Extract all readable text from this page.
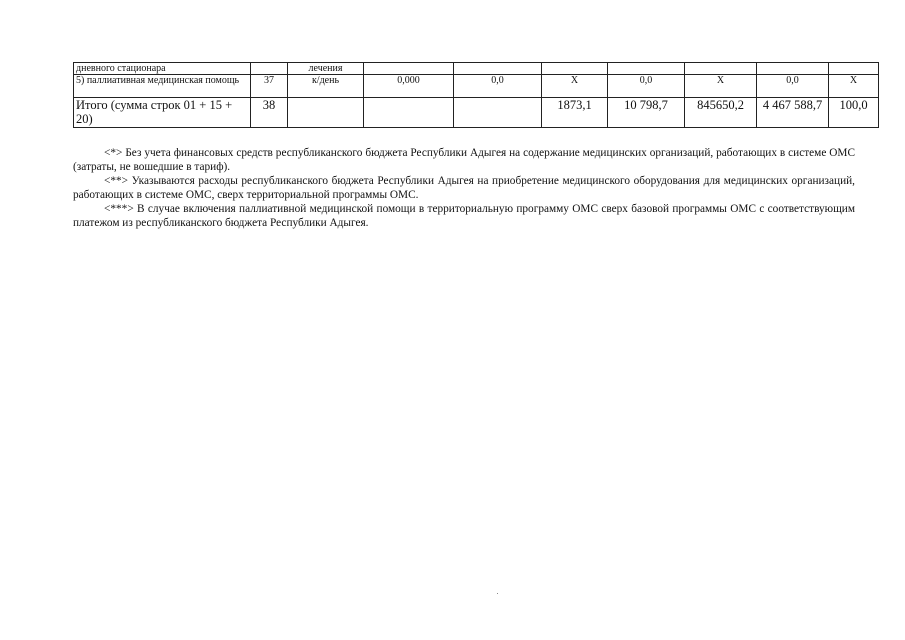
дневного стационара		лечения							
5) паллиативная медицинская помощь	37	к/день	0,000	0,0	X	0,0	X	0,0	X
Итого (сумма строк 01 + 15 + 20)	38				1873,1	10 798,7	845650,2	4 467 588,7	100,0

<*> Без учета финансовых средств республиканского бюджета Республики Адыгея на содержание медицинских организаций, работающих в системе ОМС (затраты, не вошедшие в тариф).

<**> Указываются расходы республиканского бюджета Республики Адыгея на приобретение медицинского оборудования для медицинских организаций, работающих в системе ОМС, сверх территориальной программы ОМС.

<***> В случае включения паллиативной медицинской помощи в территориальную программу ОМС сверх базовой программы ОМС с соответствующим платежом из республиканского бюджета Республики Адыгея.
